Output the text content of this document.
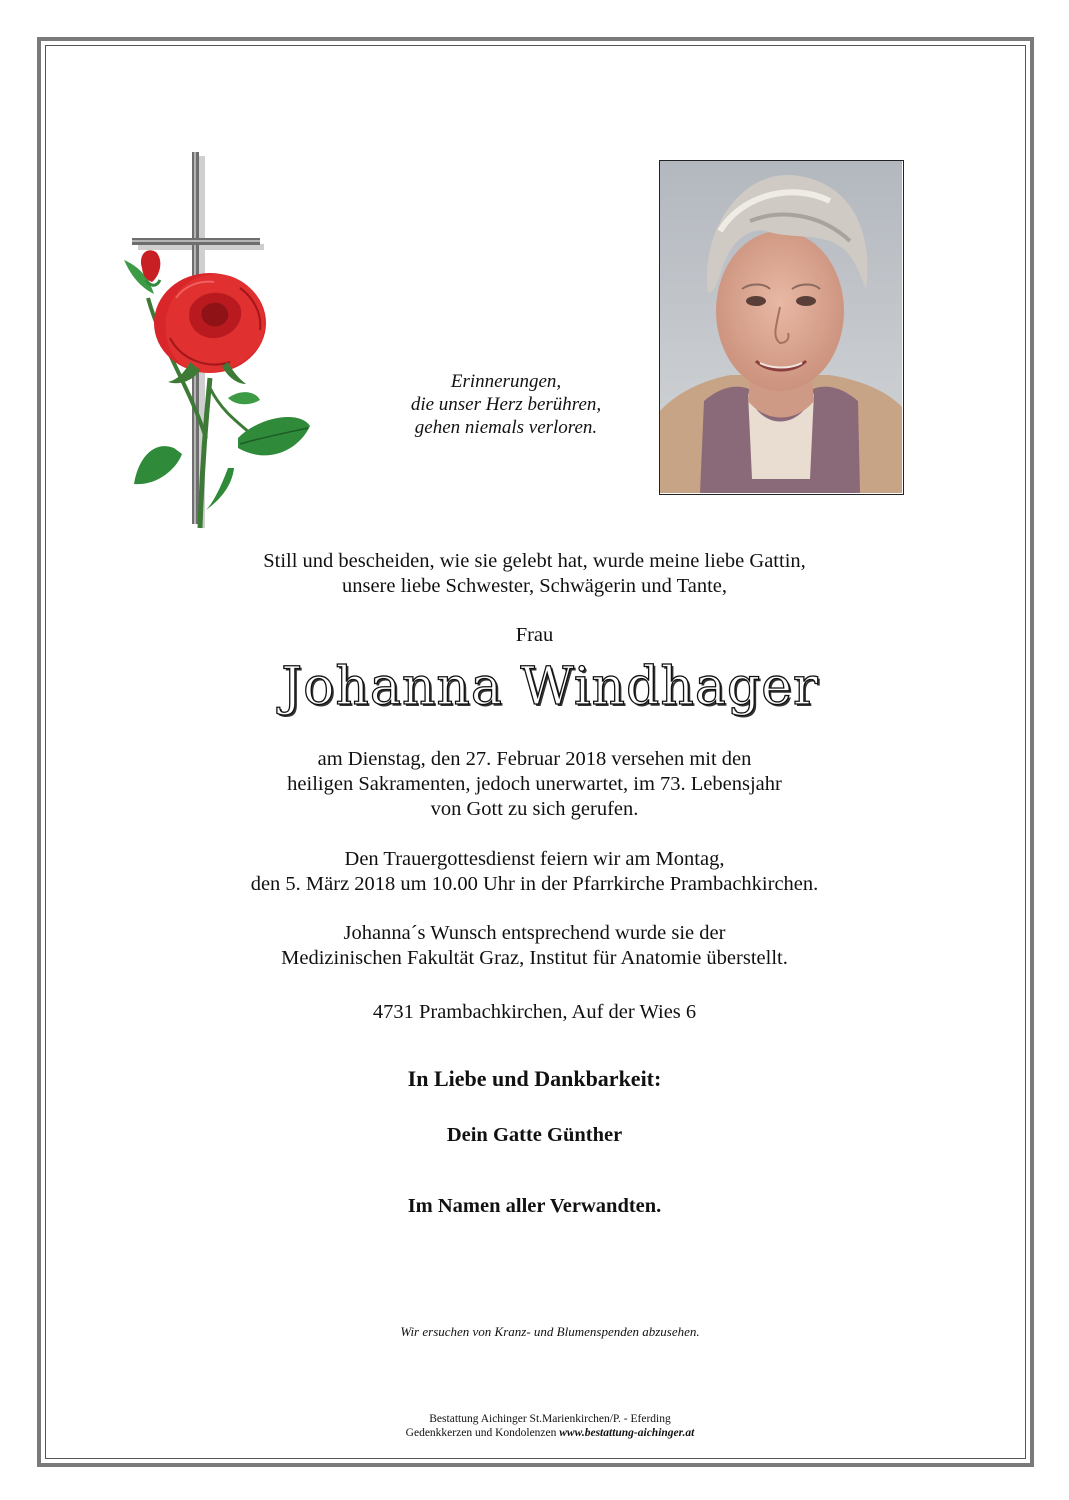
Erinnerungen,
die unser Herz berühren,
gehen niemals verloren.
Still und bescheiden, wie sie gelebt hat, wurde meine liebe Gattin,
unsere liebe Schwester, Schwägerin und Tante,
Frau
Johanna Windhager
am Dienstag, den 27. Februar 2018 versehen mit den
heiligen Sakramenten, jedoch unerwartet, im 73. Lebensjahr
von Gott zu sich gerufen.
Den Trauergottesdienst feiern wir am Montag,
den 5. März 2018 um 10.00 Uhr in der Pfarrkirche Prambachkirchen.
Johanna´s Wunsch entsprechend wurde sie der
Medizinischen Fakultät Graz, Institut für Anatomie überstellt.
4731 Prambachkirchen, Auf der Wies 6
In Liebe und Dankbarkeit:
Dein Gatte Günther
Im Namen aller Verwandten.
Wir ersuchen von Kranz- und Blumenspenden abzusehen.
Bestattung Aichinger St.Marienkirchen/P. - Eferding
Gedenkkerzen und Kondolenzen www.bestattung-aichinger.at
